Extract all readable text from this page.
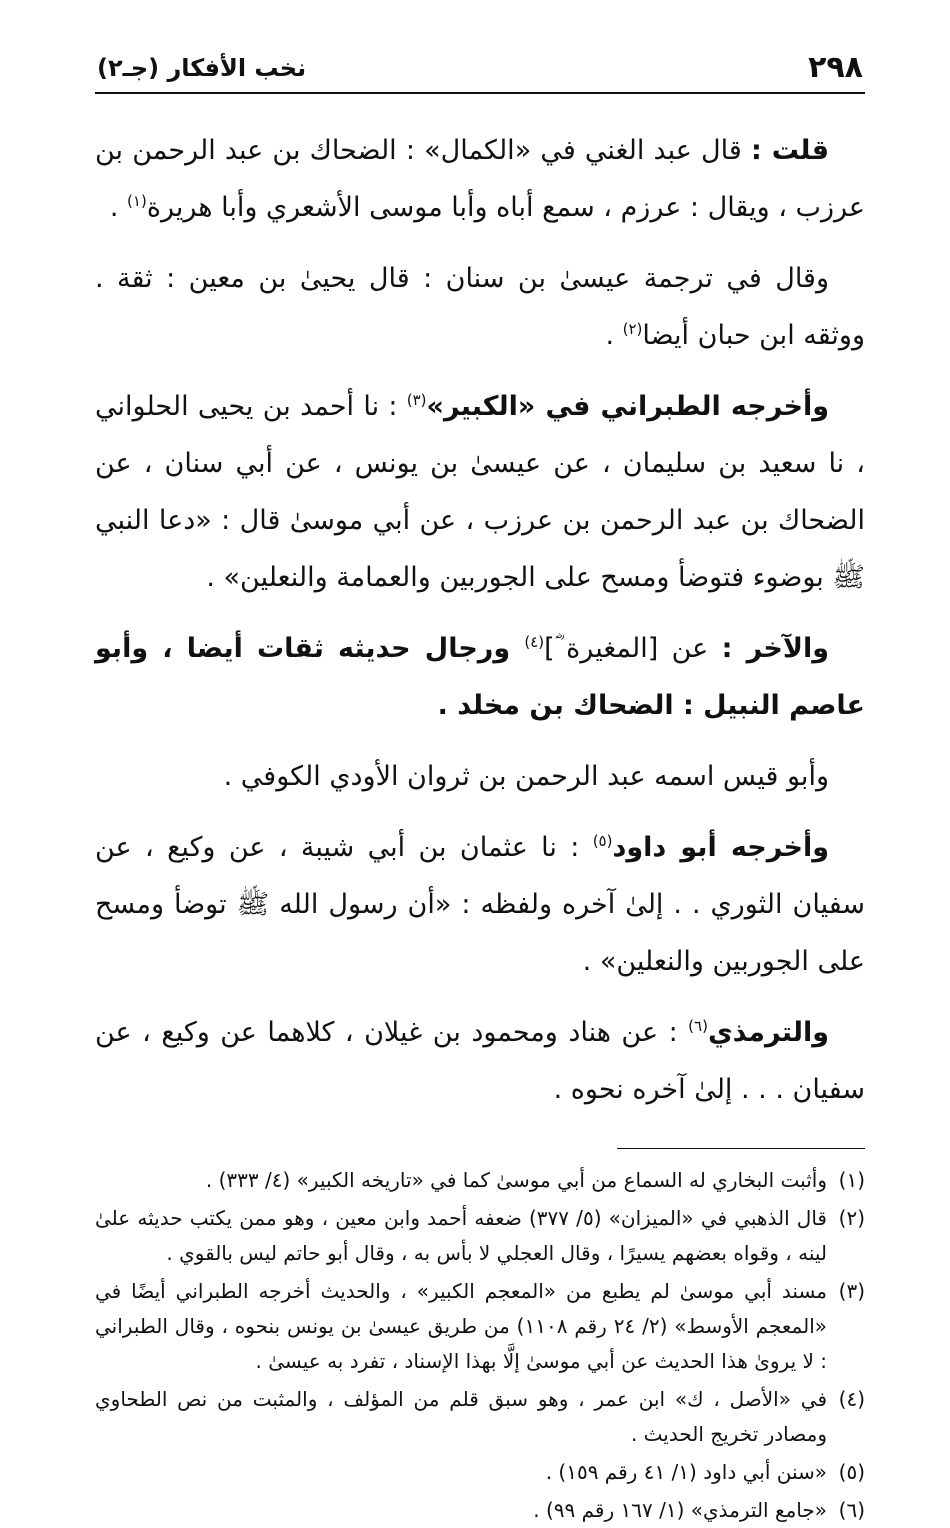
٢٩٨
نخب الأفكار (جـ٢)

قلت : قال عبد الغني في «الكمال» : الضحاك بن عبد الرحمن بن عرزب ، ويقال : عرزم ، سمع أباه وأبا موسى الأشعري وأبا هريرة$^{(١)}$ .

وقال في ترجمة عيسىٰ بن سنان : قال يحيىٰ بن معين : ثقة . ووثقه ابن حبان أيضا$^{(٢)}$ .

وأخرجه الطبراني في «الكبير»$^{(٣)}$ : نا أحمد بن يحيى الحلواني ، نا سعيد بن سليمان ، عن عيسىٰ بن يونس ، عن أبي سنان ، عن الضحاك بن عبد الرحمن بن عرزب ، عن أبي موسىٰ قال : «دعا النبي ﷺ بوضوء فتوضأ ومسح على الجوربين والعمامة والنعلين» .

والآخر : عن [المغيرة ؓ]$^{(٤)}$ ورجال حديثه ثقات أيضا ، وأبو عاصم النبيل : الضحاك بن مخلد .

وأبو قيس اسمه عبد الرحمن بن ثروان الأودي الكوفي .

وأخرجه أبو داود$^{(٥)}$ : نا عثمان بن أبي شيبة ، عن وكيع ، عن سفيان الثوري . . إلىٰ آخره ولفظه : «أن رسول الله ﷺ توضأ ومسح على الجوربين والنعلين» .

والترمذي$^{(٦)}$ : عن هناد ومحمود بن غيلان ، كلاهما عن وكيع ، عن سفيان . . . إلىٰ آخره نحوه .

(١)وأثبت البخاري له السماع من أبي موسىٰ كما في «تاريخه الكبير» (٤/ ٣٣٣) .

(٢)قال الذهبي في «الميزان» (٥/ ٣٧٧) ضعفه أحمد وابن معين ، وهو ممن يكتب حديثه علىٰ لينه ، وقواه بعضهم يسيرًا ، وقال العجلي لا بأس به ، وقال أبو حاتم ليس بالقوي .

(٣)مسند أبي موسىٰ لم يطبع من «المعجم الكبير» ، والحديث أخرجه الطبراني أيضًا في «المعجم الأوسط» (٢/ ٢٤ رقم ١١٠٨) من طريق عيسىٰ بن يونس بنحوه ، وقال الطبراني : لا يروىٰ هذا الحديث عن أبي موسىٰ إلَّا بهذا الإسناد ، تفرد به عيسىٰ .

(٤)في «الأصل ، ك» ابن عمر ، وهو سبق قلم من المؤلف ، والمثبت من نص الطحاوي ومصادر تخريج الحديث .

(٥)«سنن أبي داود (١/ ٤١ رقم ١٥٩) .

(٦)«جامع الترمذي» (١/ ١٦٧ رقم ٩٩) .
